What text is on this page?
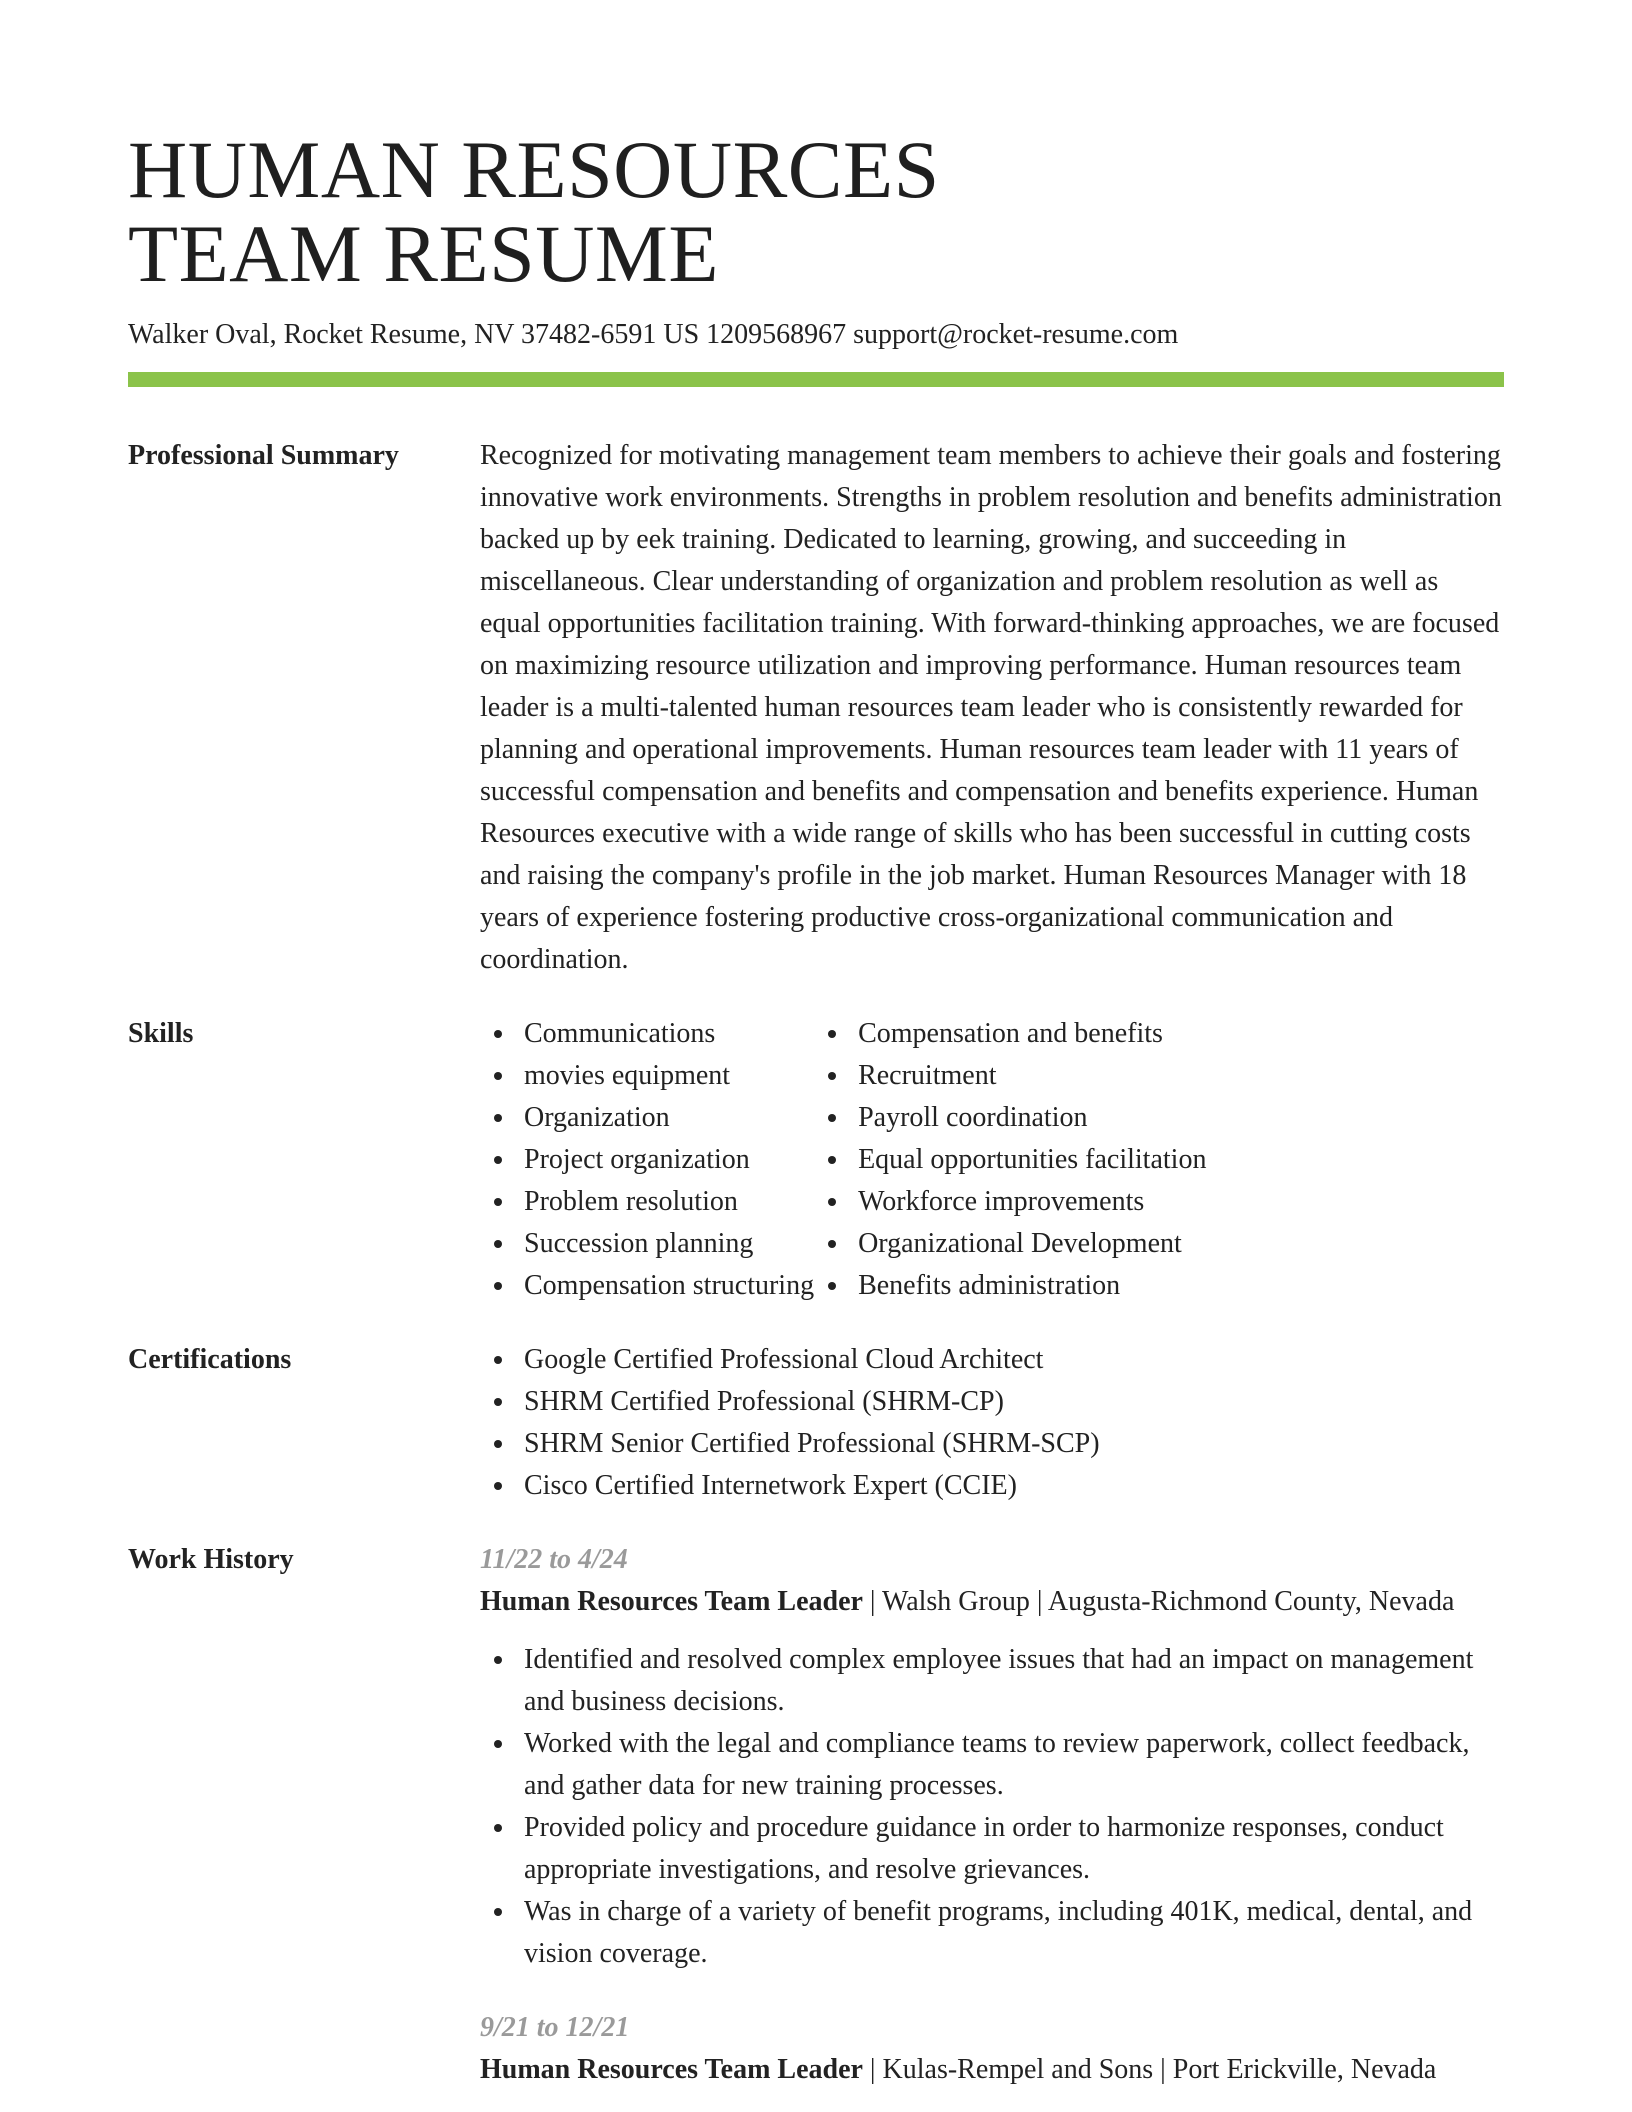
HUMAN RESOURCES
TEAM RESUME
Walker Oval, Rocket Resume, NV 37482-6591 US 1209568967 support@rocket-resume.com
Professional Summary	Recognized for motivating management team members to achieve their goals and fostering innovative work environments. Strengths in problem resolution and benefits administration backed up by eek training. Dedicated to learning, growing, and succeeding in miscellaneous. Clear understanding of organization and problem resolution as well as equal opportunities facilitation training. With forward-thinking approaches, we are focused on maximizing resource utilization and improving performance. Human resources team leader is a multi-talented human resources team leader who is consistently rewarded for planning and operational improvements. Human resources team leader with 11 years of successful compensation and benefits and compensation and benefits experience. Human Resources executive with a wide range of skills who has been successful in cutting costs and raising the company's profile in the job market. Human Resources Manager with 18 years of experience fostering productive cross-organizational communication and coordination.
Skills	Communications
movies equipment
Organization
Project organization
Problem resolution
Succession planning
Compensation structuring
Compensation and benefits
Recruitment
Payroll coordination
Equal opportunities facilitation
Workforce improvements
Organizational Development
Benefits administration
Certifications	Google Certified Professional Cloud Architect
SHRM Certified Professional (SHRM-CP)
SHRM Senior Certified Professional (SHRM-SCP)
Cisco Certified Internetwork Expert (CCIE)
Work History	11/22 to 4/24
Human Resources Team Leader | Walsh Group | Augusta-Richmond County, Nevada
Identified and resolved complex employee issues that had an impact on management and business decisions.
Worked with the legal and compliance teams to review paperwork, collect feedback, and gather data for new training processes.
Provided policy and procedure guidance in order to harmonize responses, conduct appropriate investigations, and resolve grievances.
Was in charge of a variety of benefit programs, including 401K, medical, dental, and vision coverage.
9/21 to 12/21
Human Resources Team Leader | Kulas-Rempel and Sons | Port Erickville, Nevada
